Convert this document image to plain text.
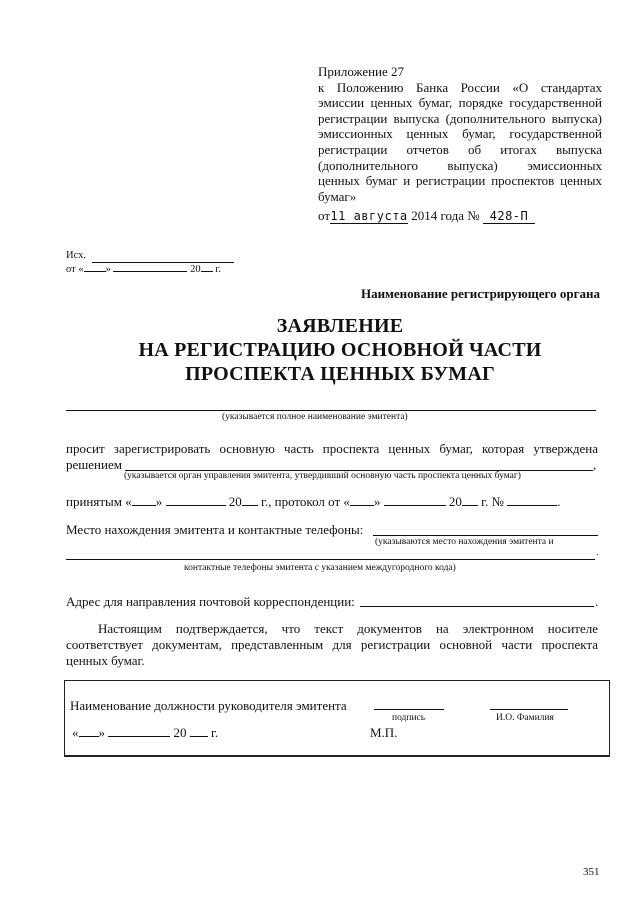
Приложение 27
к Положению Банка России «О стандартах
эмиссии ценных бумаг, порядке государственной
регистрации выпуска (дополнительного выпуска)
эмиссионных ценных бумаг, государственной
регистрации отчетов об итогах выпуска
(дополнительного выпуска) эмиссионных
ценных бумаг и регистрации проспектов ценных
бумаг»
от11 августа 2014 года № 428-П
Исх.
от « »	20 г.
Наименование регистрирующего органа
ЗАЯВЛЕНИЕ
НА РЕГИСТРАЦИЮ ОСНОВНОЙ ЧАСТИ
ПРОСПЕКТА ЦЕННЫХ БУМАГ
(указывается полное наименование эмитента)
просит зарегистрировать основную часть проспекта ценных бумаг, которая утверждена
решением	,
(указывается орган управления эмитента, утвердивший основную часть проспекта ценных бумаг)
принятым « »	20 г., протокол от « »	20 г. №	.
Место нахождения эмитента и контактные телефоны:
(указываются место нахождения эмитента и
.
контактные телефоны эмитента с указанием междугородного кода)
Адрес для направления почтовой корреспонденции:	.
Настоящим подтверждается, что текст документов на электронном носителе
соответствует документам, представленным для регистрации основной части проспекта
ценных бумаг.
Наименование должности руководителя эмитента
подпись	И.О. Фамилия
« »	20 г.	М.П.
351
